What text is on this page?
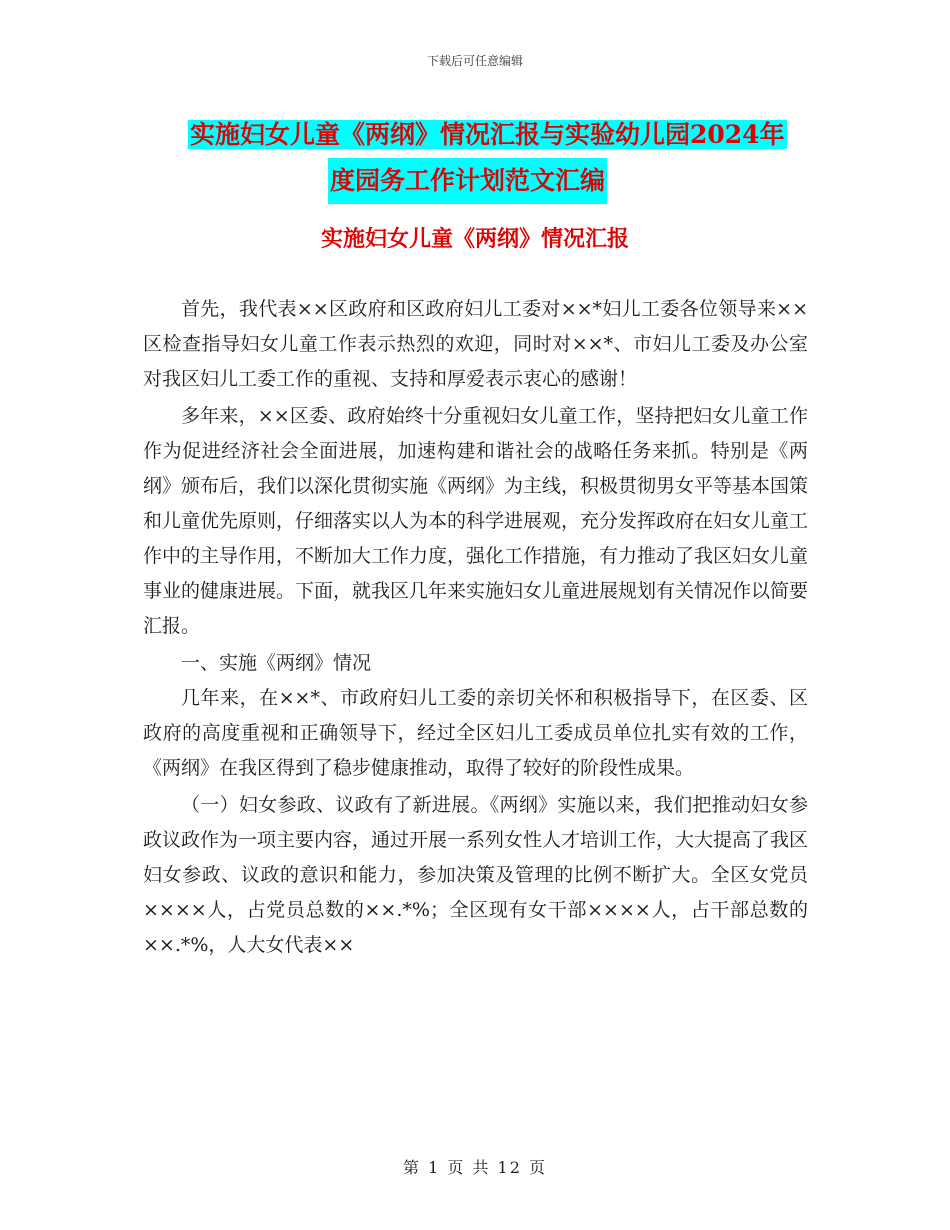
下载后可任意编辑
实施妇女儿童《两纲》情况汇报与实验幼儿园2024年
度园务工作计划范文汇编
实施妇女儿童《两纲》情况汇报

首先，我代表××区政府和区政府妇儿工委对××*妇儿工委各位领导来××区检查指导妇女儿童工作表示热烈的欢迎，同时对××*、市妇儿工委及办公室对我区妇儿工委工作的重视、支持和厚爱表示衷心的感谢！

多年来，××区委、政府始终十分重视妇女儿童工作，坚持把妇女儿童工作作为促进经济社会全面进展，加速构建和谐社会的战略任务来抓。特别是《两纲》颁布后，我们以深化贯彻实施《两纲》为主线，积极贯彻男女平等基本国策和儿童优先原则，仔细落实以人为本的科学进展观，充分发挥政府在妇女儿童工作中的主导作用，不断加大工作力度，强化工作措施，有力推动了我区妇女儿童事业的健康进展。下面，就我区几年来实施妇女儿童进展规划有关情况作以简要汇报。

一、实施《两纲》情况

几年来，在××*、市政府妇儿工委的亲切关怀和积极指导下，在区委、区政府的高度重视和正确领导下，经过全区妇儿工委成员单位扎实有效的工作，《两纲》在我区得到了稳步健康推动，取得了较好的阶段性成果。

（一）妇女参政、议政有了新进展。《两纲》实施以来，我们把推动妇女参政议政作为一项主要内容，通过开展一系列女性人才培训工作，大大提高了我区妇女参政、议政的意识和能力，参加决策及管理的比例不断扩大。全区女党员××××人，占党员总数的××.*%；全区现有女干部××××人，占干部总数的××.*%，人大女代表××

第 1 页 共 12 页
